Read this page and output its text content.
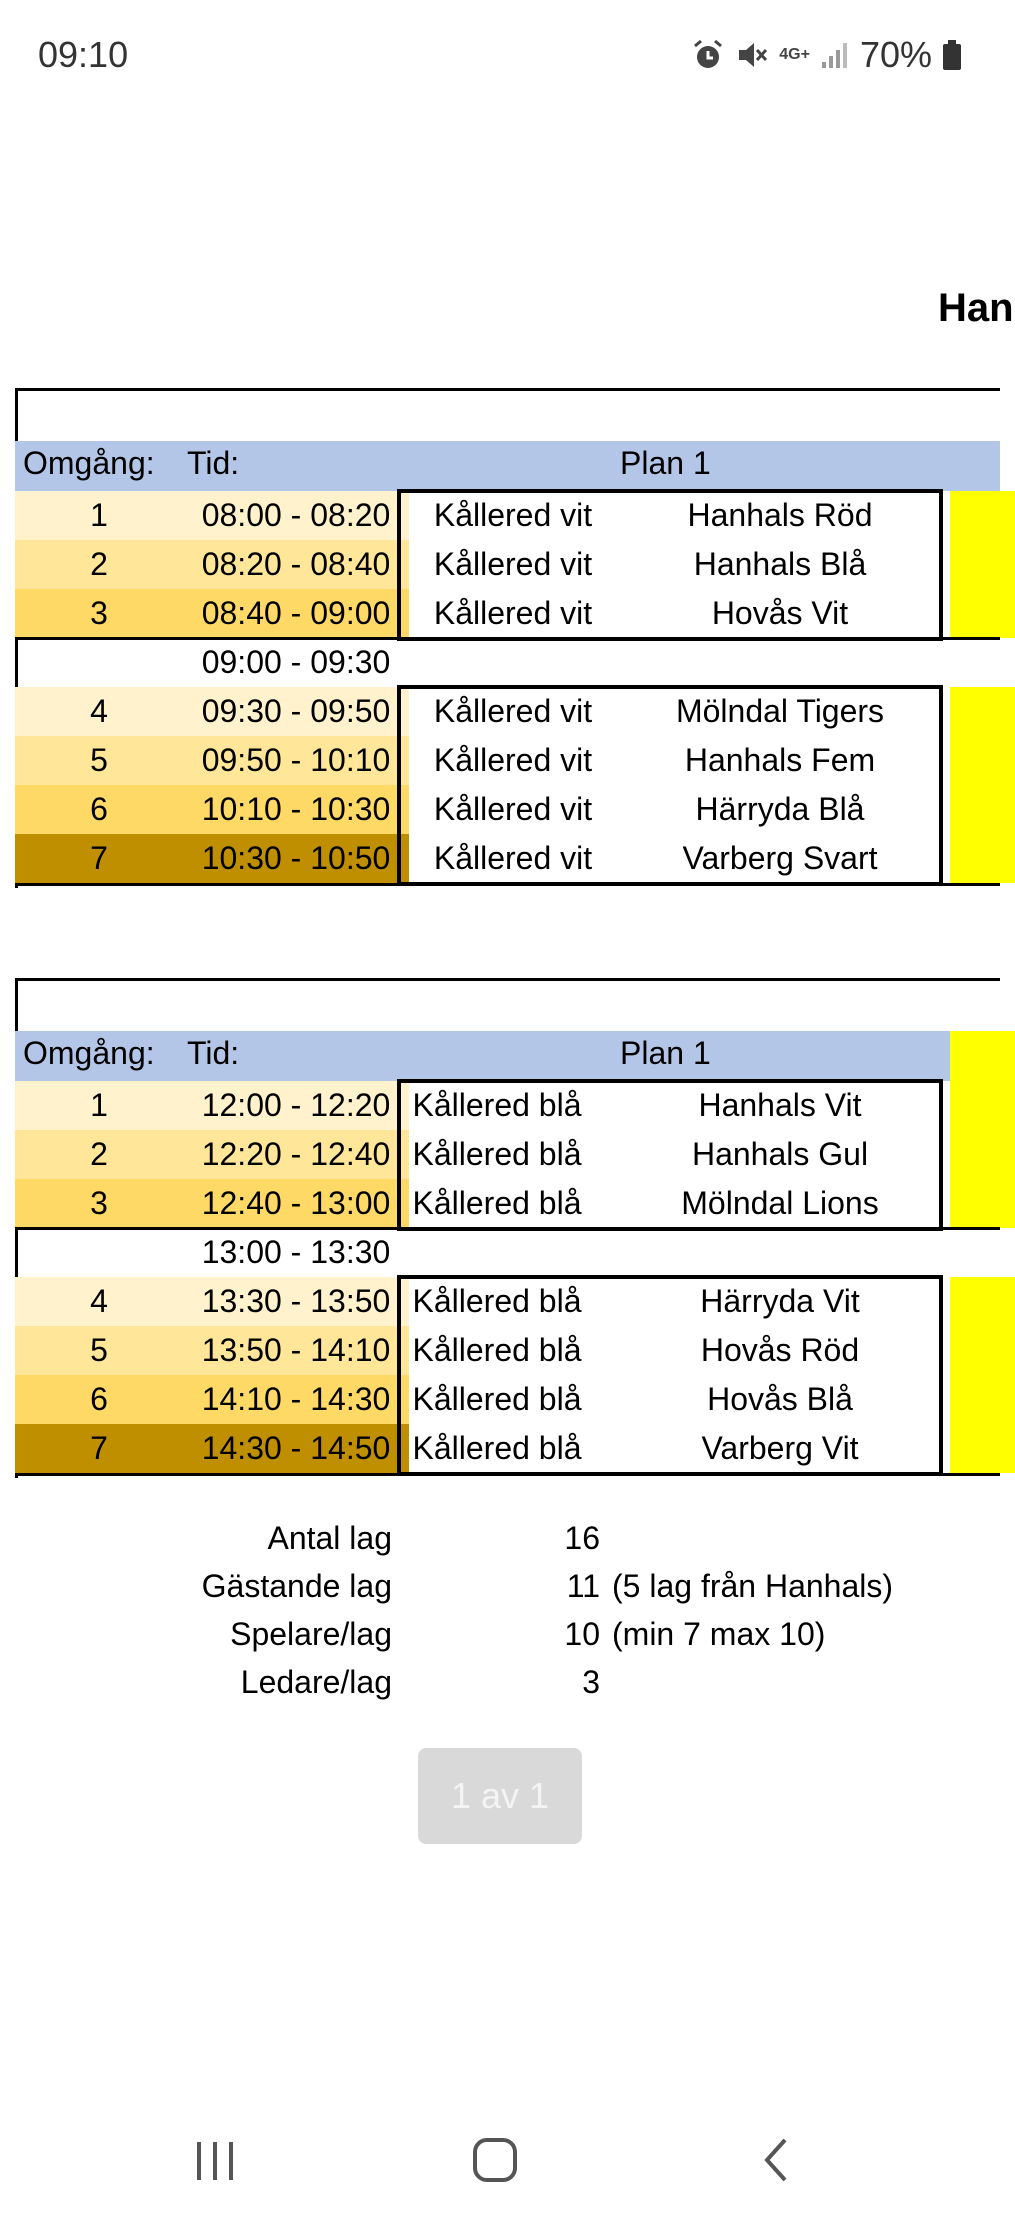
09:10	4G+ 70%
Han
Omgång: Tid:	Plan 1
1	08:00 - 08:20	Kållered vit	Hanhals Röd
2	08:20 - 08:40	Kållered vit	Hanhals Blå
3	08:40 - 09:00	Kållered vit	Hovås Vit
09:00 - 09:30
4	09:30 - 09:50	Kållered vit	Mölndal Tigers
5	09:50 - 10:10	Kållered vit	Hanhals Fem
6	10:10 - 10:30	Kållered vit	Härryda Blå
7	10:30 - 10:50	Kållered vit	Varberg Svart
Omgång: Tid:	Plan 1
1	12:00 - 12:20 Kållered blå	Hanhals Vit
2	12:20 - 12:40 Kållered blå	Hanhals Gul
3	12:40 - 13:00 Kållered blå	Mölndal Lions
13:00 - 13:30
4	13:30 - 13:50 Kållered blå	Härryda Vit
5	13:50 - 14:10 Kållered blå	Hovås Röd
6	14:10 - 14:30 Kållered blå	Hovås Blå
7	14:30 - 14:50 Kållered blå	Varberg Vit
Antal lag	16
Gästande lag	11 (5 lag från Hanhals)
Spelare/lag	10 (min 7 max 10)
Ledare/lag	3
1 av 1
